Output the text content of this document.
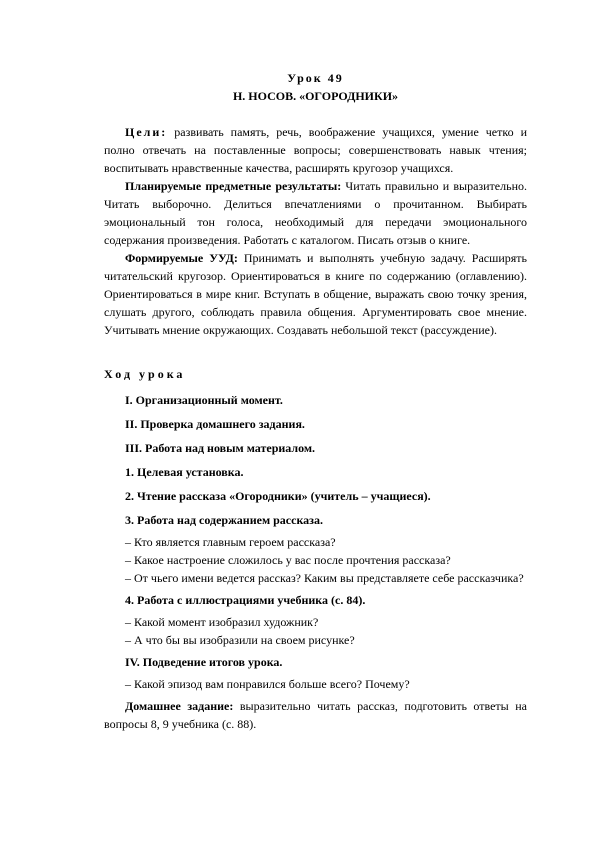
Урок 49
Н. НОСОВ. «ОГОРОДНИКИ»

Цели: развивать память, речь, воображение учащихся, умение четко и полно отвечать на поставленные вопросы; совершенствовать навык чтения; воспитывать нравственные качества, расширять кругозор учащихся.

Планируемые предметные результаты: Читать правильно и выразительно. Читать выборочно. Делиться впечатлениями о прочитанном. Выбирать эмоциональный тон голоса, необходимый для передачи эмоционального содержания произведения. Работать с каталогом. Писать отзыв о книге.

Формируемые УУД: Принимать и выполнять учебную задачу. Расширять читательский кругозор. Ориентироваться в книге по содержанию (оглавлению). Ориентироваться в мире книг. Вступать в общение, выражать свою точку зрения, слушать другого, соблюдать правила общения. Аргументировать свое мнение. Учитывать мнение окружающих. Создавать небольшой текст (рассуждение).

Ход урока

I. Организационный момент.

II. Проверка домашнего задания.

III. Работа над новым материалом.

1. Целевая установка.

2. Чтение рассказа «Огородники» (учитель – учащиеся).

3. Работа над содержанием рассказа.

– Кто является главным героем рассказа?

– Какое настроение сложилось у вас после прочтения рассказа?

– От чьего имени ведется рассказ? Каким вы представляете себе рассказчика?

4. Работа с иллюстрациями учебника (с. 84).

– Какой момент изобразил художник?

– А что бы вы изобразили на своем рисунке?

IV. Подведение итогов урока.

– Какой эпизод вам понравился больше всего? Почему?

Домашнее задание: выразительно читать рассказ, подготовить ответы на вопросы 8, 9 учебника (с. 88).
